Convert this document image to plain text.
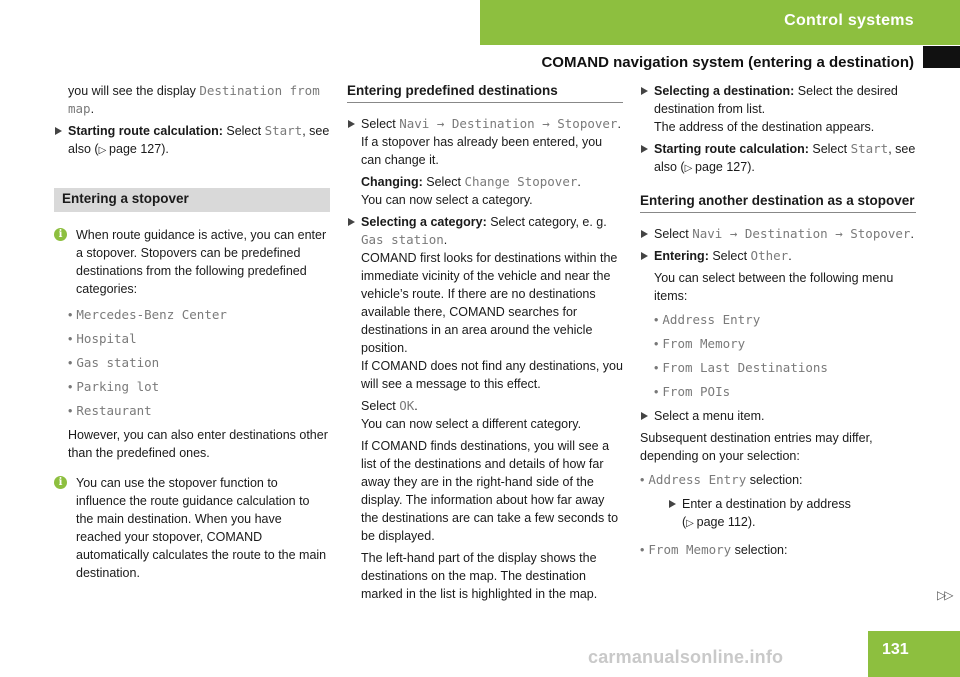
Control systems
COMAND navigation system (entering a destination)

you will see the display Destination from map.

Starting route calculation: Select Start, see also (▷ page 127).
Entering a stopover
i	When route guidance is active, you can enter a stopover. Stopovers can be predefined destinations from the following predefined categories:
• Mercedes-Benz Center
• Hospital
• Gas station
• Parking lot
• Restaurant

However, you can also enter destinations other than the predefined ones.

i	You can use the stopover function to influence the route guidance calculation to the main destination. When you have reached your stopover, COMAND automatically calculates the route to the main destination.
Entering predefined destinations
Select Navi → Destination → Stopover.
If a stopover has already been entered, you can change it.

Changing: Select Change Stopover.
You can now select a category.

Selecting a category: Select category, e. g. Gas station.
COMAND first looks for destinations within the immediate vicinity of the vehicle and near the vehicle’s route. If there are no destinations available there, COMAND searches for destinations in an area around the vehicle position.
If COMAND does not find any destinations, you will see a message to this effect.

Select OK.
You can now select a different category.

If COMAND finds destinations, you will see a list of the destinations and details of how far away they are in the right-hand side of the display. The information about how far away the destinations are can take a few seconds to be displayed.

The left-hand part of the display shows the destinations on the map. The destination marked in the list is highlighted in the map.

Selecting a destination: Select the desired destination from list.
The address of the destination appears.
Starting route calculation: Select Start, see also (▷ page 127).
Entering another destination as a stopover
Select Navi → Destination → Stopover.
Entering: Select Other.

You can select between the following menu items:

• Address Entry
• From Memory
• From Last Destinations
• From POIs
Select a menu item.

Subsequent destination entries may differ, depending on your selection:

• Address Entry selection:
Enter a destination by address
(▷ page 112).
• From Memory selection:
▷▷
131
carmanualsonline.info
